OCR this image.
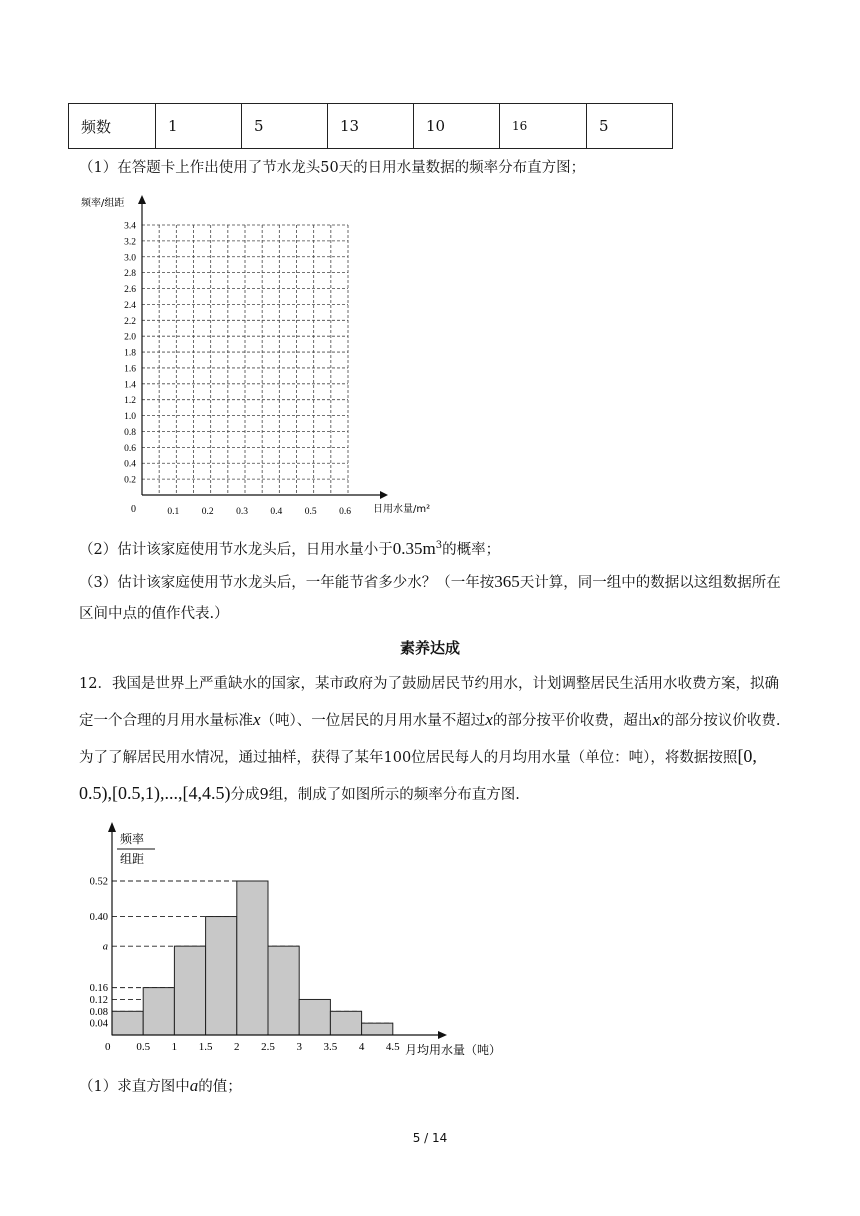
频数	1	5	13	10	16	5
（1）在答题卡上作出使用了节水龙头50天的日用水量数据的频率分布直方图；
频率/组距
日用水量/m²
0
0.2
0.4
0.6
0.8
1.0
1.2
1.4
1.6
1.8
2.0
2.2
2.4
2.6
2.8
3.0
3.2
3.4
0.1 0.2 0.3 0.4 0.5 0.6
（2）估计该家庭使用节水龙头后，日用水量小于$0.35m^3$的概率；
（3）估计该家庭使用节水龙头后，一年能节省多少水？（一年按365天计算，同一组中的数据以这组数据所在区间中点的值作代表.）
素养达成
12．我国是世界上严重缺水的国家，某市政府为了鼓励居民节约用水，计划调整居民生活用水收费方案，拟确定一个合理的月用水量标准x（吨）、一位居民的月用水量不超过x的部分按平价收费，超出x的部分按议价收费.为了了解居民用水情况，通过抽样，获得了某年100位居民每人的月均用水量（单位：吨），将数据按照[0, 0.5),[0.5,1),...,[4,4.5)分成9组，制成了如图所示的频率分布直方图.
频率
组距
月均用水量（吨）
0
0.04
0.08
0.12
0.16
a
0.40
0.52
0.5 1 1.5 2 2.5 3 3.5 4 4.5
（1）求直方图中a的值；
5 / 14
